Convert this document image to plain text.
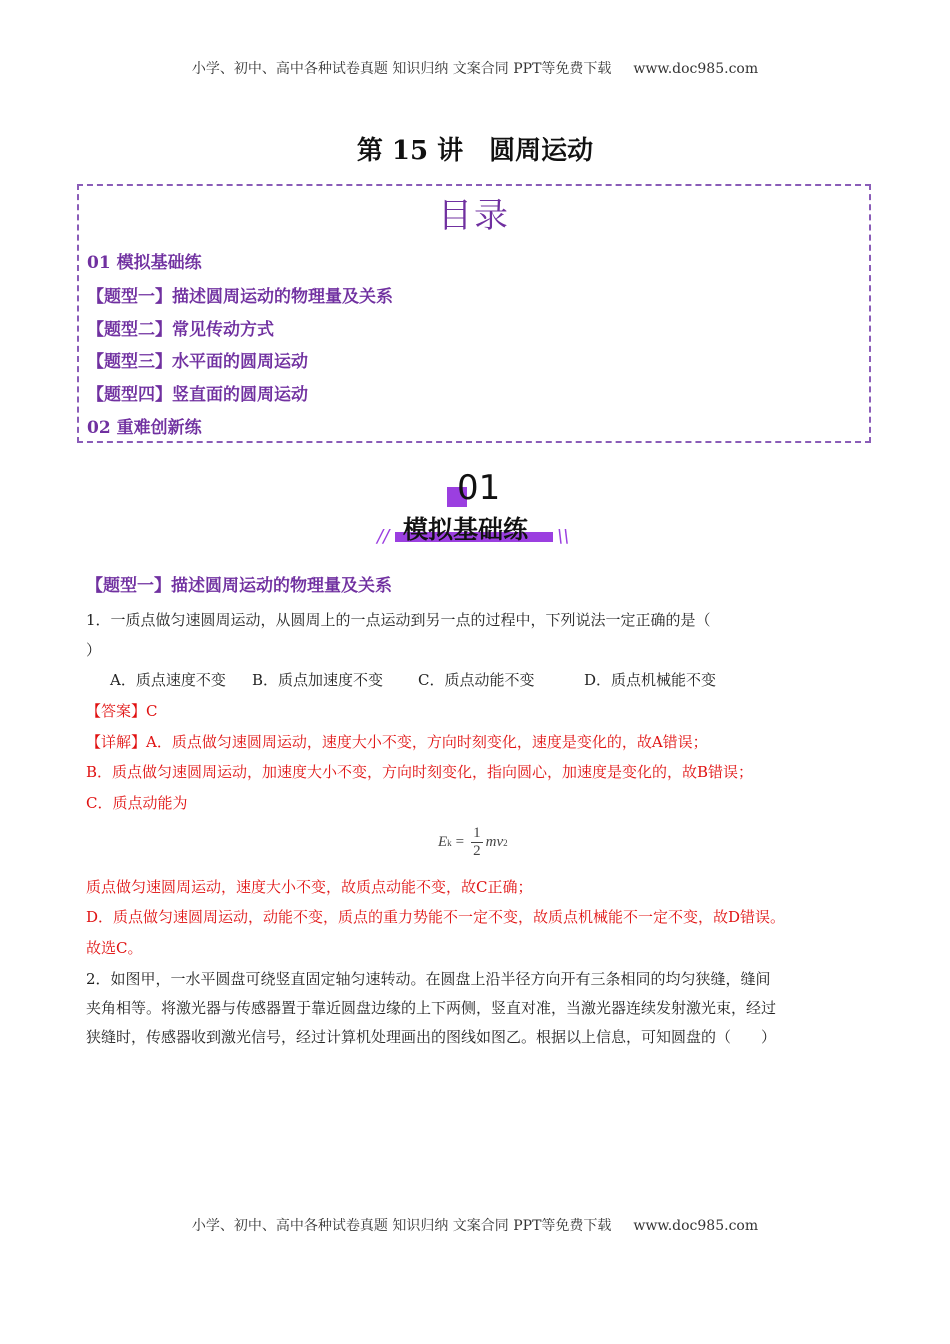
小学、初中、高中各种试卷真题 知识归纳 文案合同 PPT等免费下载 www.doc985.com
第 15 讲　圆周运动
目录
01 模拟基础练
【题型一】描述圆周运动的物理量及关系
【题型二】常见传动方式
【题型三】水平面的圆周运动
【题型四】竖直面的圆周运动
02 重难创新练
01
模拟基础练
//	\\
【题型一】描述圆周运动的物理量及关系
1．一质点做匀速圆周运动，从圆周上的一点运动到另一点的过程中，下列说法一定正确的是（
）
A．质点速度不变 B．质点加速度不变 C．质点动能不变	D．质点机械能不变
【答案】C
【详解】A．质点做匀速圆周运动，速度大小不变，方向时刻变化，速度是变化的，故A错误；
B．质点做匀速圆周运动，加速度大小不变，方向时刻变化，指向圆心，加速度是变化的，故B错误；
C．质点动能为
E $k = \frac{1}{2}$ mv 2
质点做匀速圆周运动，速度大小不变，故质点动能不变，故C正确；
D．质点做匀速圆周运动，动能不变，质点的重力势能不一定不变，故质点机械能不一定不变，故D错误。
故选C。
2．如图甲，一水平圆盘可绕竖直固定轴匀速转动。在圆盘上沿半径方向开有三条相同的均匀狭缝，缝间
夹角相等。将激光器与传感器置于靠近圆盘边缘的上下两侧，竖直对准，当激光器连续发射激光束，经过
狭缝时，传感器收到激光信号，经过计算机处理画出的图线如图乙。根据以上信息，可知圆盘的（　　）
小学、初中、高中各种试卷真题 知识归纳 文案合同 PPT等免费下载 www.doc985.com
